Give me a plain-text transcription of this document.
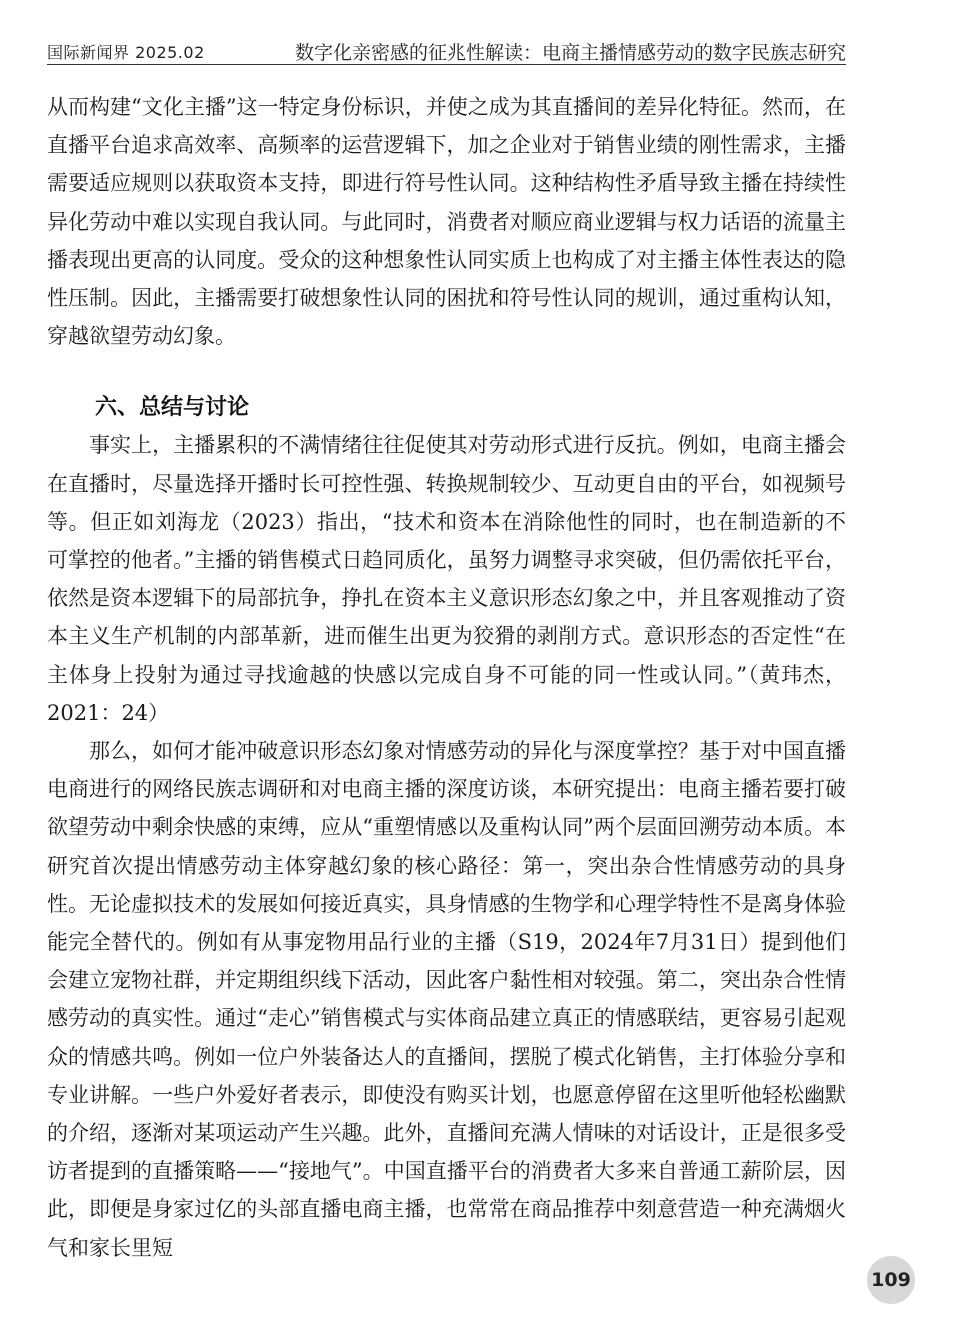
国际新闻界 2025.02	数字化亲密感的征兆性解读：电商主播情感劳动的数字民族志研究

从而构建“文化主播”这一特定身份标识，并使之成为其直播间的差异化特征。然而，在直播平台追求高效率、高频率的运营逻辑下，加之企业对于销售业绩的刚性需求，主播需要适应规则以获取资本支持，即进行符号性认同。这种结构性矛盾导致主播在持续性异化劳动中难以实现自我认同。与此同时，消费者对顺应商业逻辑与权力话语的流量主播表现出更高的认同度。受众的这种想象性认同实质上也构成了对主播主体性表达的隐性压制。因此，主播需要打破想象性认同的困扰和符号性认同的规训，通过重构认知，穿越欲望劳动幻象。

六、总结与讨论

事实上，主播累积的不满情绪往往促使其对劳动形式进行反抗。例如，电商主播会在直播时，尽量选择开播时长可控性强、转换规制较少、互动更自由的平台，如视频号等。但正如刘海龙（2023）指出，“技术和资本在消除他性的同时，也在制造新的不可掌控的他者。”主播的销售模式日趋同质化，虽努力调整寻求突破，但仍需依托平台，依然是资本逻辑下的局部抗争，挣扎在资本主义意识形态幻象之中，并且客观推动了资本主义生产机制的内部革新，进而催生出更为狡猾的剥削方式。意识形态的否定性“在主体身上投射为通过寻找逾越的快感以完成自身不可能的同一性或认同。”（黄玮杰，2021：24）

那么，如何才能冲破意识形态幻象对情感劳动的异化与深度掌控？基于对中国直播电商进行的网络民族志调研和对电商主播的深度访谈，本研究提出：电商主播若要打破欲望劳动中剩余快感的束缚，应从“重塑情感以及重构认同”两个层面回溯劳动本质。本研究首次提出情感劳动主体穿越幻象的核心路径：第一，突出杂合性情感劳动的具身性。无论虚拟技术的发展如何接近真实，具身情感的生物学和心理学特性不是离身体验能完全替代的。例如有从事宠物用品行业的主播（S19，2024年7月31日）提到他们会建立宠物社群，并定期组织线下活动，因此客户黏性相对较强。第二，突出杂合性情感劳动的真实性。通过“走心”销售模式与实体商品建立真正的情感联结，更容易引起观众的情感共鸣。例如一位户外装备达人的直播间，摆脱了模式化销售，主打体验分享和专业讲解。一些户外爱好者表示，即使没有购买计划，也愿意停留在这里听他轻松幽默的介绍，逐渐对某项运动产生兴趣。此外，直播间充满人情味的对话设计，正是很多受访者提到的直播策略——“接地气”。中国直播平台的消费者大多来自普通工薪阶层，因此，即便是身家过亿的头部直播电商主播，也常常在商品推荐中刻意营造一种充满烟火气和家长里短

109
